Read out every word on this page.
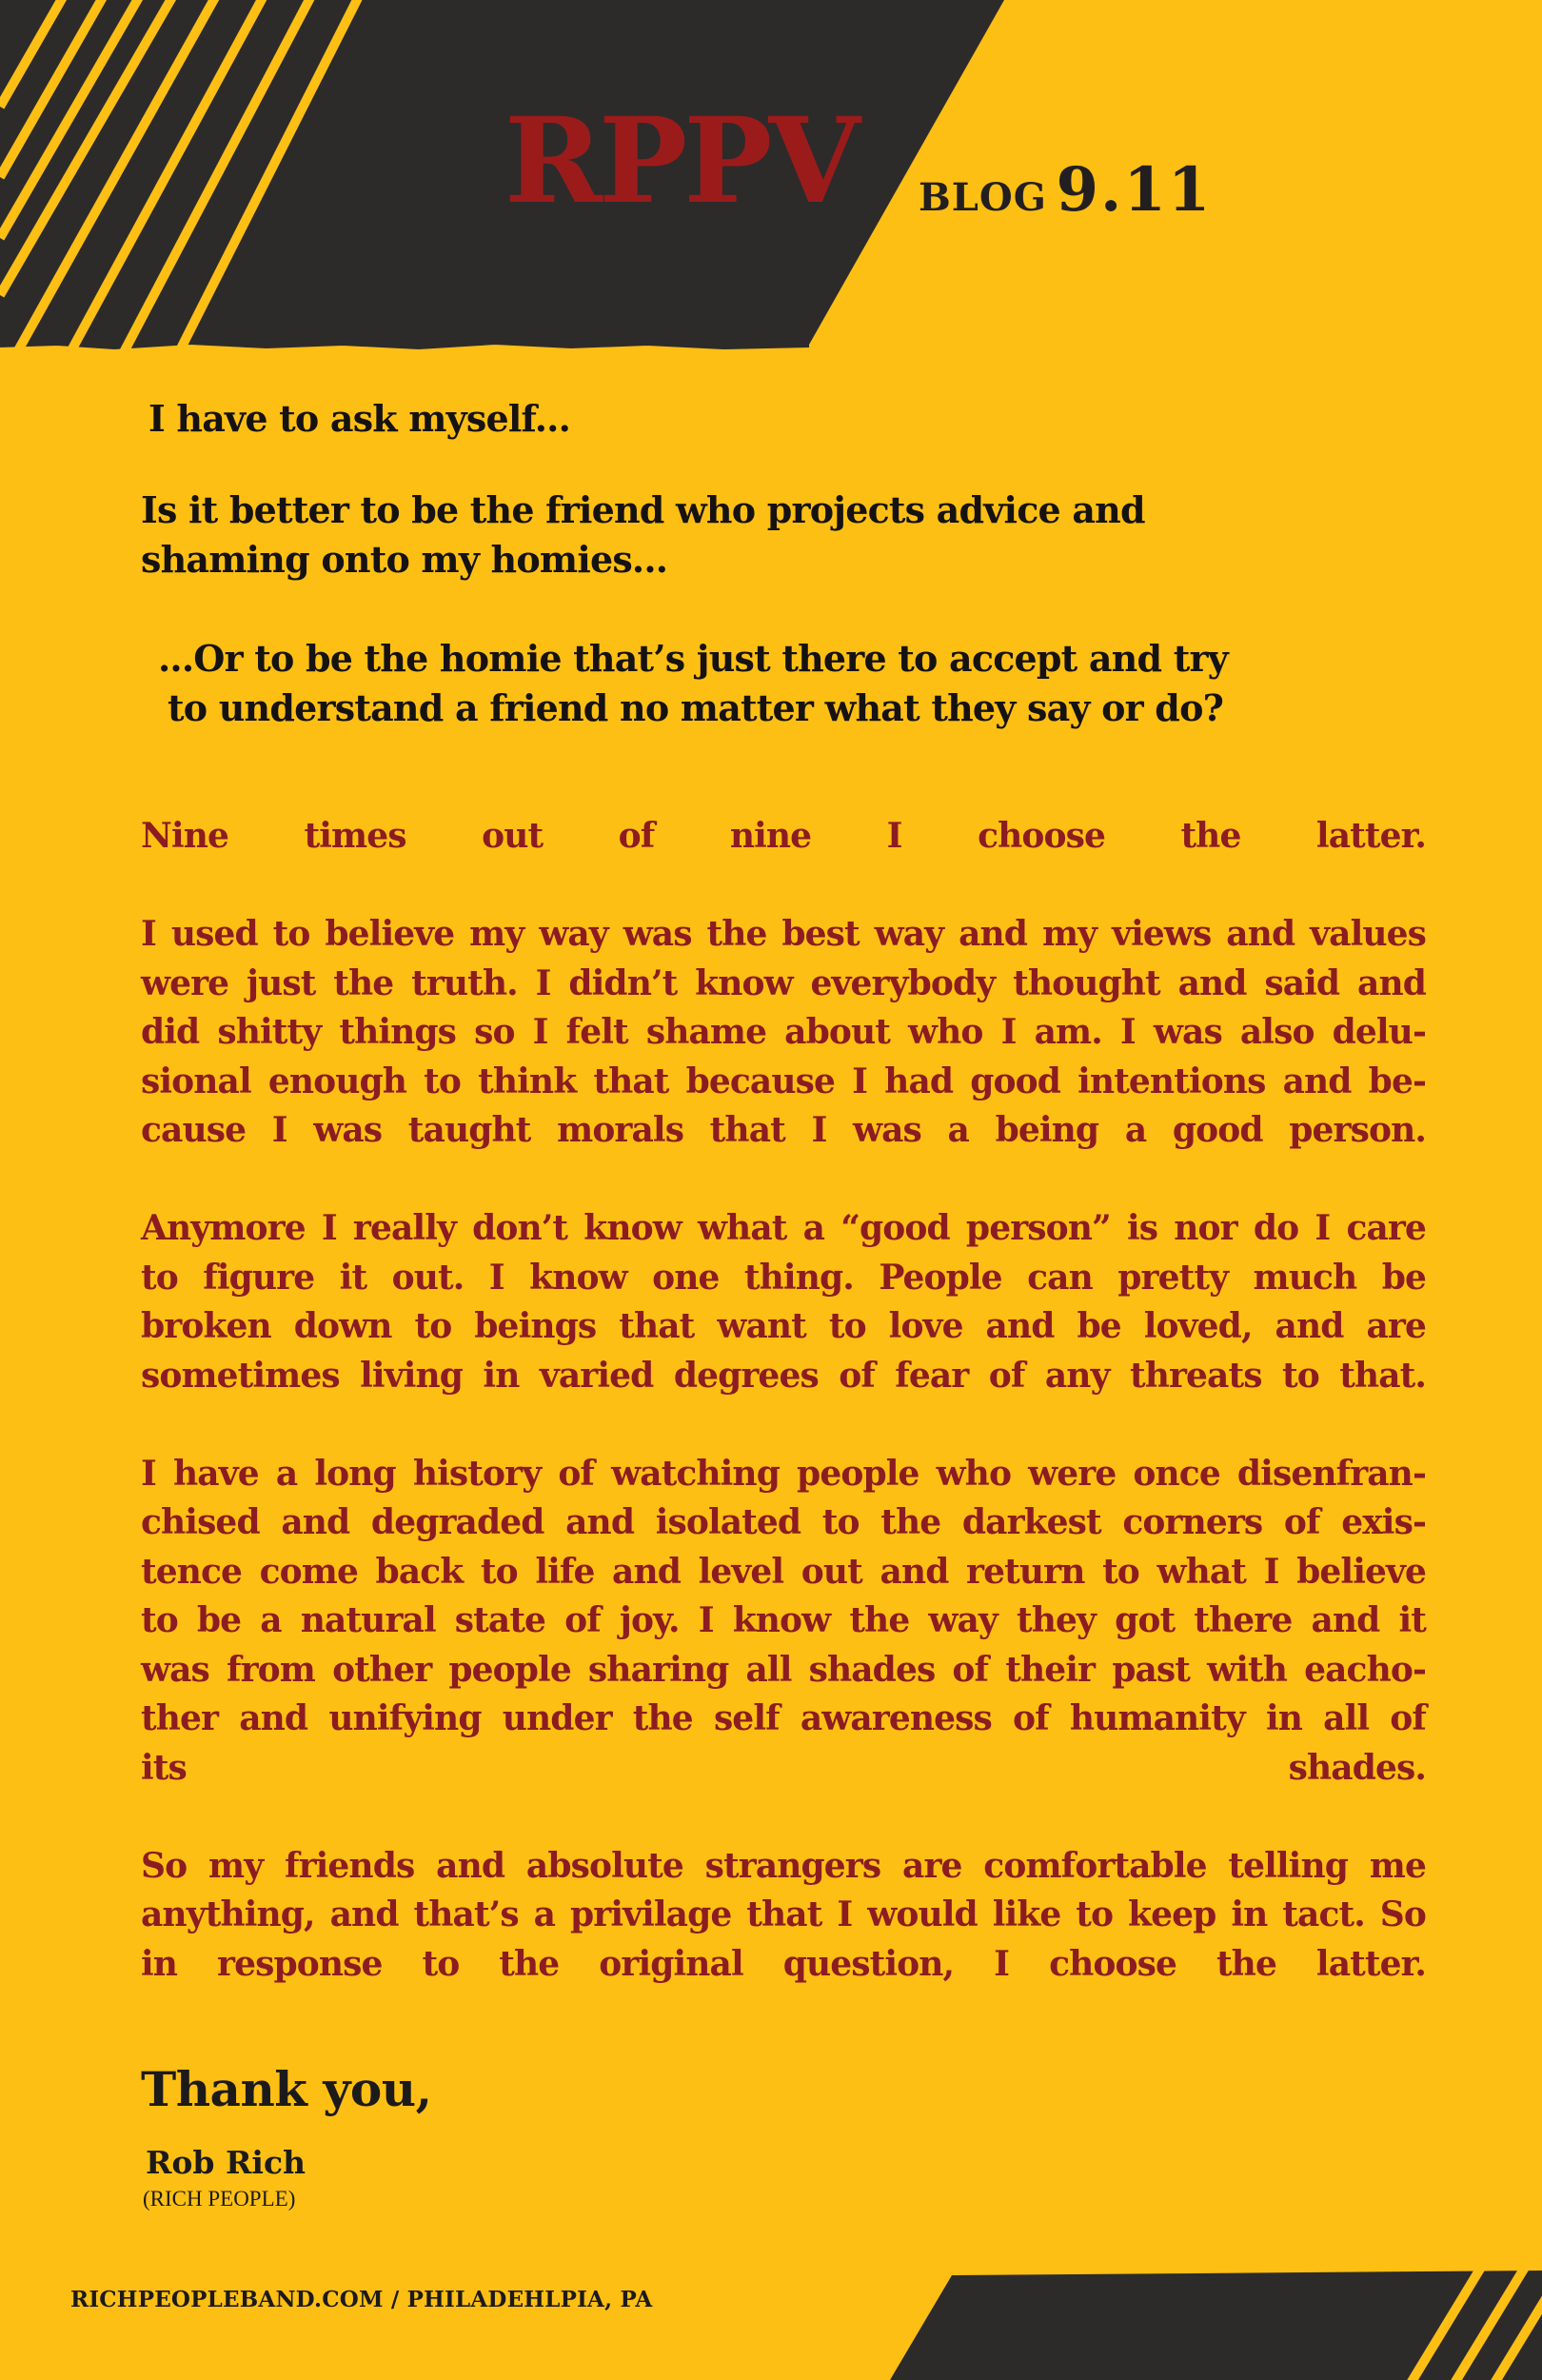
RPPV BLOG 9.11
I have to ask myself...
Is it better to be the friend who projects advice and
shaming onto my homies...
...Or to be the homie that’s just there to accept and try
to understand a friend no matter what they say or do?
Nine times out of nine I choose the latter.
I used to believe my way was the best way and my views and values
were just the truth. I didn’t know everybody thought and said and
did shitty things so I felt shame about who I am. I was also delu-
sional enough to think that because I had good intentions and be-
cause I was taught morals that I was a being a good person.
Anymore I really don’t know what a “good person” is nor do I care
to figure it out. I know one thing. People can pretty much be
broken down to beings that want to love and be loved, and are
sometimes living in varied degrees of fear of any threats to that.
I have a long history of watching people who were once disenfran-
chised and degraded and isolated to the darkest corners of exis-
tence come back to life and level out and return to what I believe
to be a natural state of joy. I know the way they got there and it
was from other people sharing all shades of their past with eacho-
ther and unifying under the self awareness of humanity in all of
its shades.
So my friends and absolute strangers are comfortable telling me
anything, and that’s a privilage that I would like to keep in tact. So
in response to the original question, I choose the latter.
Thank you,
Rob Rich
(RICH PEOPLE)
RICHPEOPLEBAND.COM / PHILADEHLPIA, PA
